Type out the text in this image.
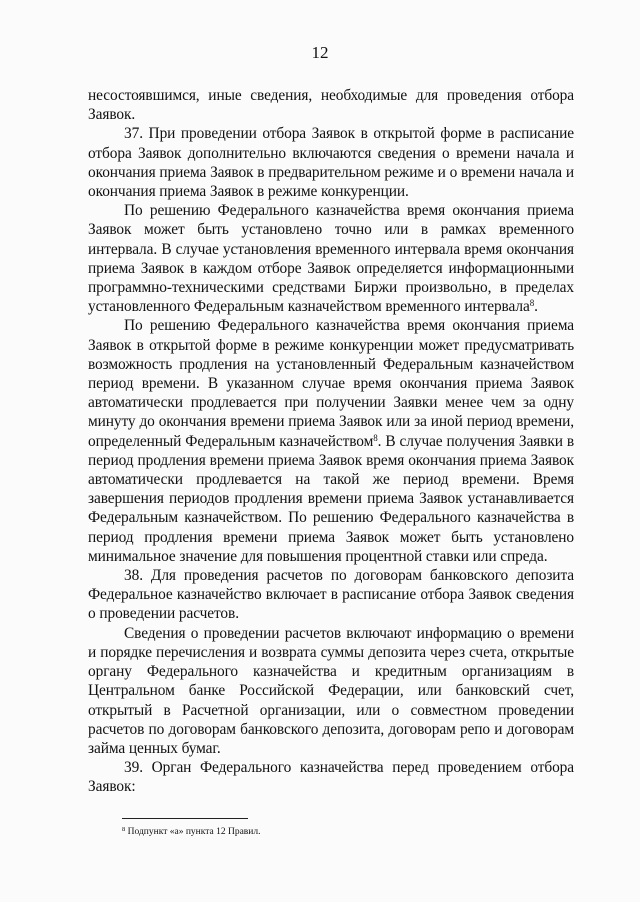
12

несостоявшимся, иные сведения, необходимые для проведения отбора Заявок.

37. При проведении отбора Заявок в открытой форме в расписание отбора Заявок дополнительно включаются сведения о времени начала и окончания приема Заявок в предварительном режиме и о времени начала и окончания приема Заявок в режиме конкуренции.

По решению Федерального казначейства время окончания приема Заявок может быть установлено точно или в рамках временного интервала. В случае установления временного интервала время окончания приема Заявок в каждом отборе Заявок определяется информационными программно-техническими средствами Биржи произвольно, в пределах установленного Федеральным казначейством временного интервала$^8$.

По решению Федерального казначейства время окончания приема Заявок в открытой форме в режиме конкуренции может предусматривать возможность продления на установленный Федеральным казначейством период времени. В указанном случае время окончания приема Заявок автоматически продлевается при получении Заявки менее чем за одну минуту до окончания времени приема Заявок или за иной период времени, определенный Федеральным казначейством$^8$. В случае получения Заявки в период продления времени приема Заявок время окончания приема Заявок автоматически продлевается на такой же период времени. Время завершения периодов продления времени приема Заявок устанавливается Федеральным казначейством. По решению Федерального казначейства в период продления времени приема Заявок может быть установлено минимальное значение для повышения процентной ставки или спреда.

38. Для проведения расчетов по договорам банковского депозита Федеральное казначейство включает в расписание отбора Заявок сведения о проведении расчетов.

Сведения о проведении расчетов включают информацию о времени и порядке перечисления и возврата суммы депозита через счета, открытые органу Федерального казначейства и кредитным организациям в Центральном банке Российской Федерации, или банковский счет, открытый в Расчетной организации, или о совместном проведении расчетов по договорам банковского депозита, договорам репо и договорам займа ценных бумаг.

39. Орган Федерального казначейства перед проведением отбора Заявок:

$^8$ Подпункт «а» пункта 12 Правил.
